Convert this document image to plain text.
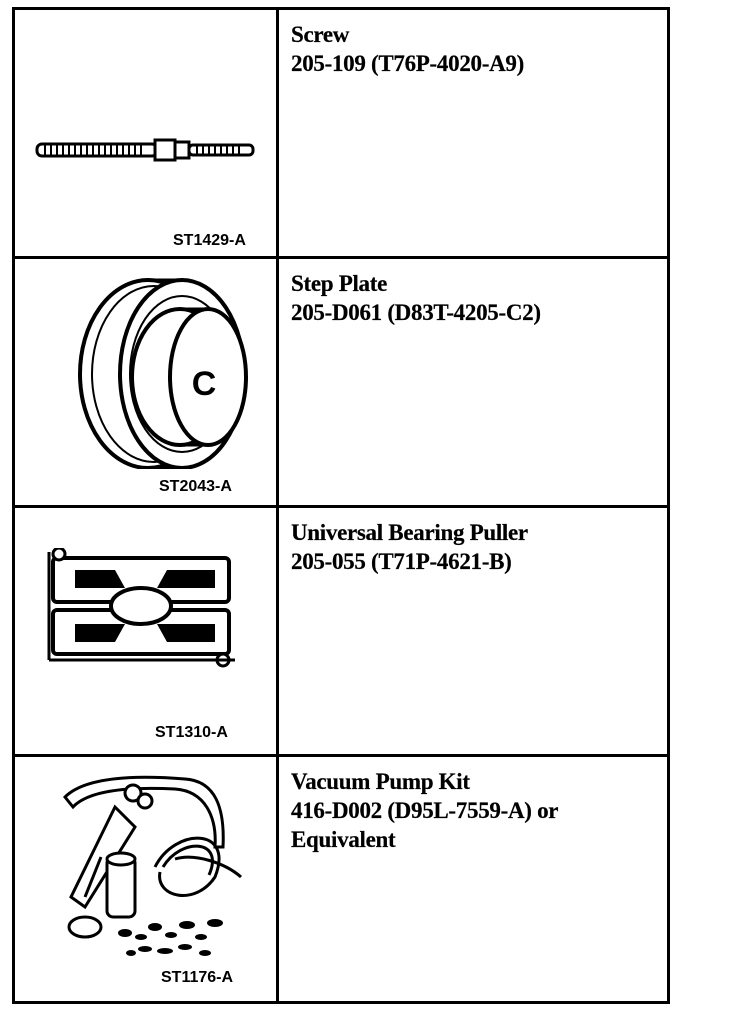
ST1429-A
Screw
205-109 (T76P-4020-A9)
C
ST2043-A
Step Plate
205-D061 (D83T-4205-C2)
ST1310-A
Universal Bearing Puller
205-055 (T71P-4621-B)
ST1176-A
Vacuum Pump Kit
416-D002 (D95L-7559-A) or
Equivalent
